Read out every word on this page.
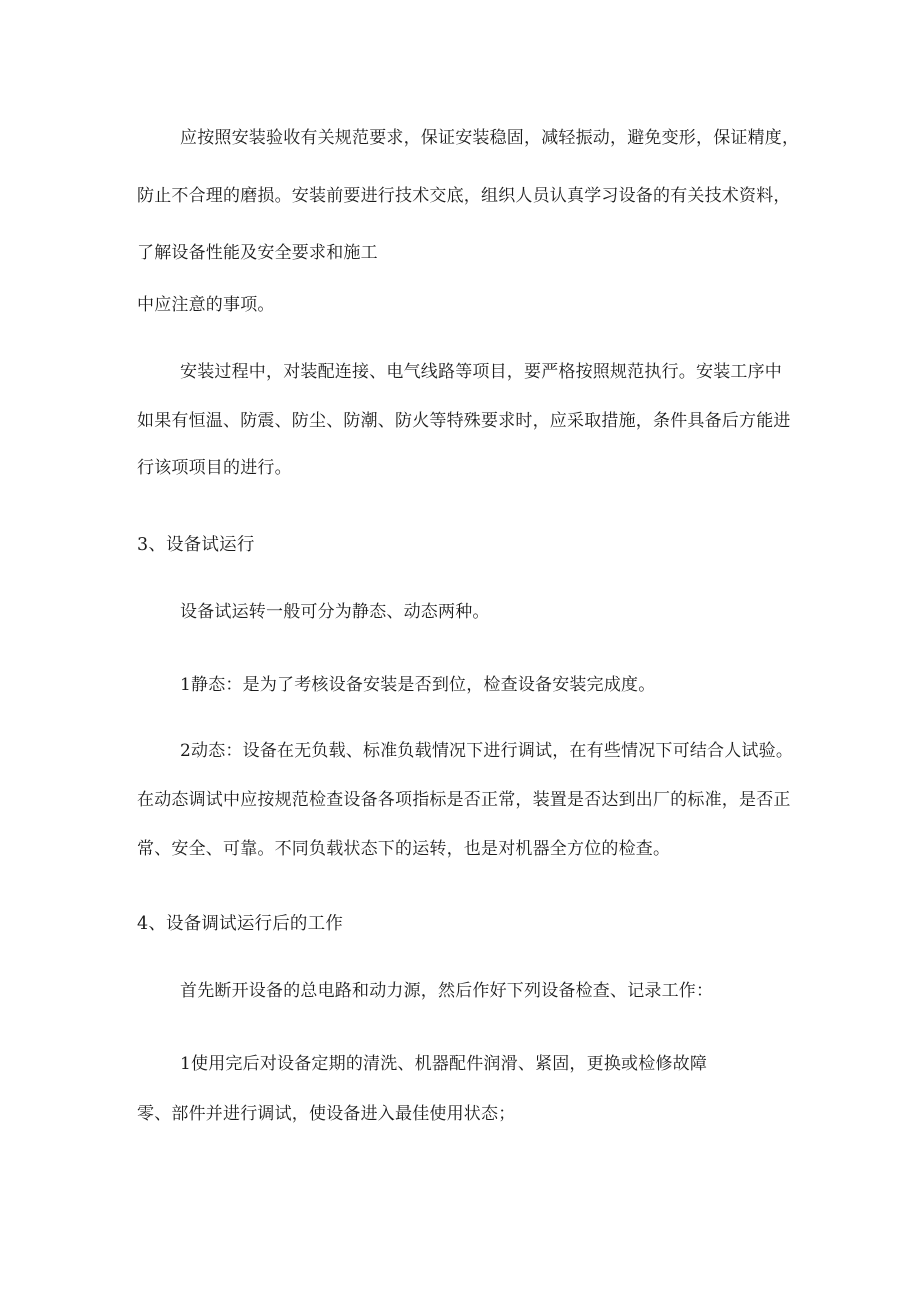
应按照安装验收有关规范要求，保证安装稳固，减轻振动，避免变形，保证精度，
防止不合理的磨损。安装前要进行技术交底，组织人员认真学习设备的有关技术资料，
了解设备性能及安全要求和施工
中应注意的事项。
安装过程中，对装配连接、电气线路等项目，要严格按照规范执行。安装工序中
如果有恒温、防震、防尘、防潮、防火等特殊要求时，应采取措施，条件具备后方能进
行该项项目的进行。
3、设备试运行
设备试运转一般可分为静态、动态两种。
1静态：是为了考核设备安装是否到位，检查设备安装完成度。
2动态：设备在无负载、标准负载情况下进行调试，在有些情况下可结合人试验。
在动态调试中应按规范检查设备各项指标是否正常，装置是否达到出厂的标准，是否正
常、安全、可靠。不同负载状态下的运转，也是对机器全方位的检查。
4、设备调试运行后的工作
首先断开设备的总电路和动力源，然后作好下列设备检查、记录工作：
1使用完后对设备定期的清洗、机器配件润滑、紧固，更换或检修故障
零、部件并进行调试，使设备进入最佳使用状态；
